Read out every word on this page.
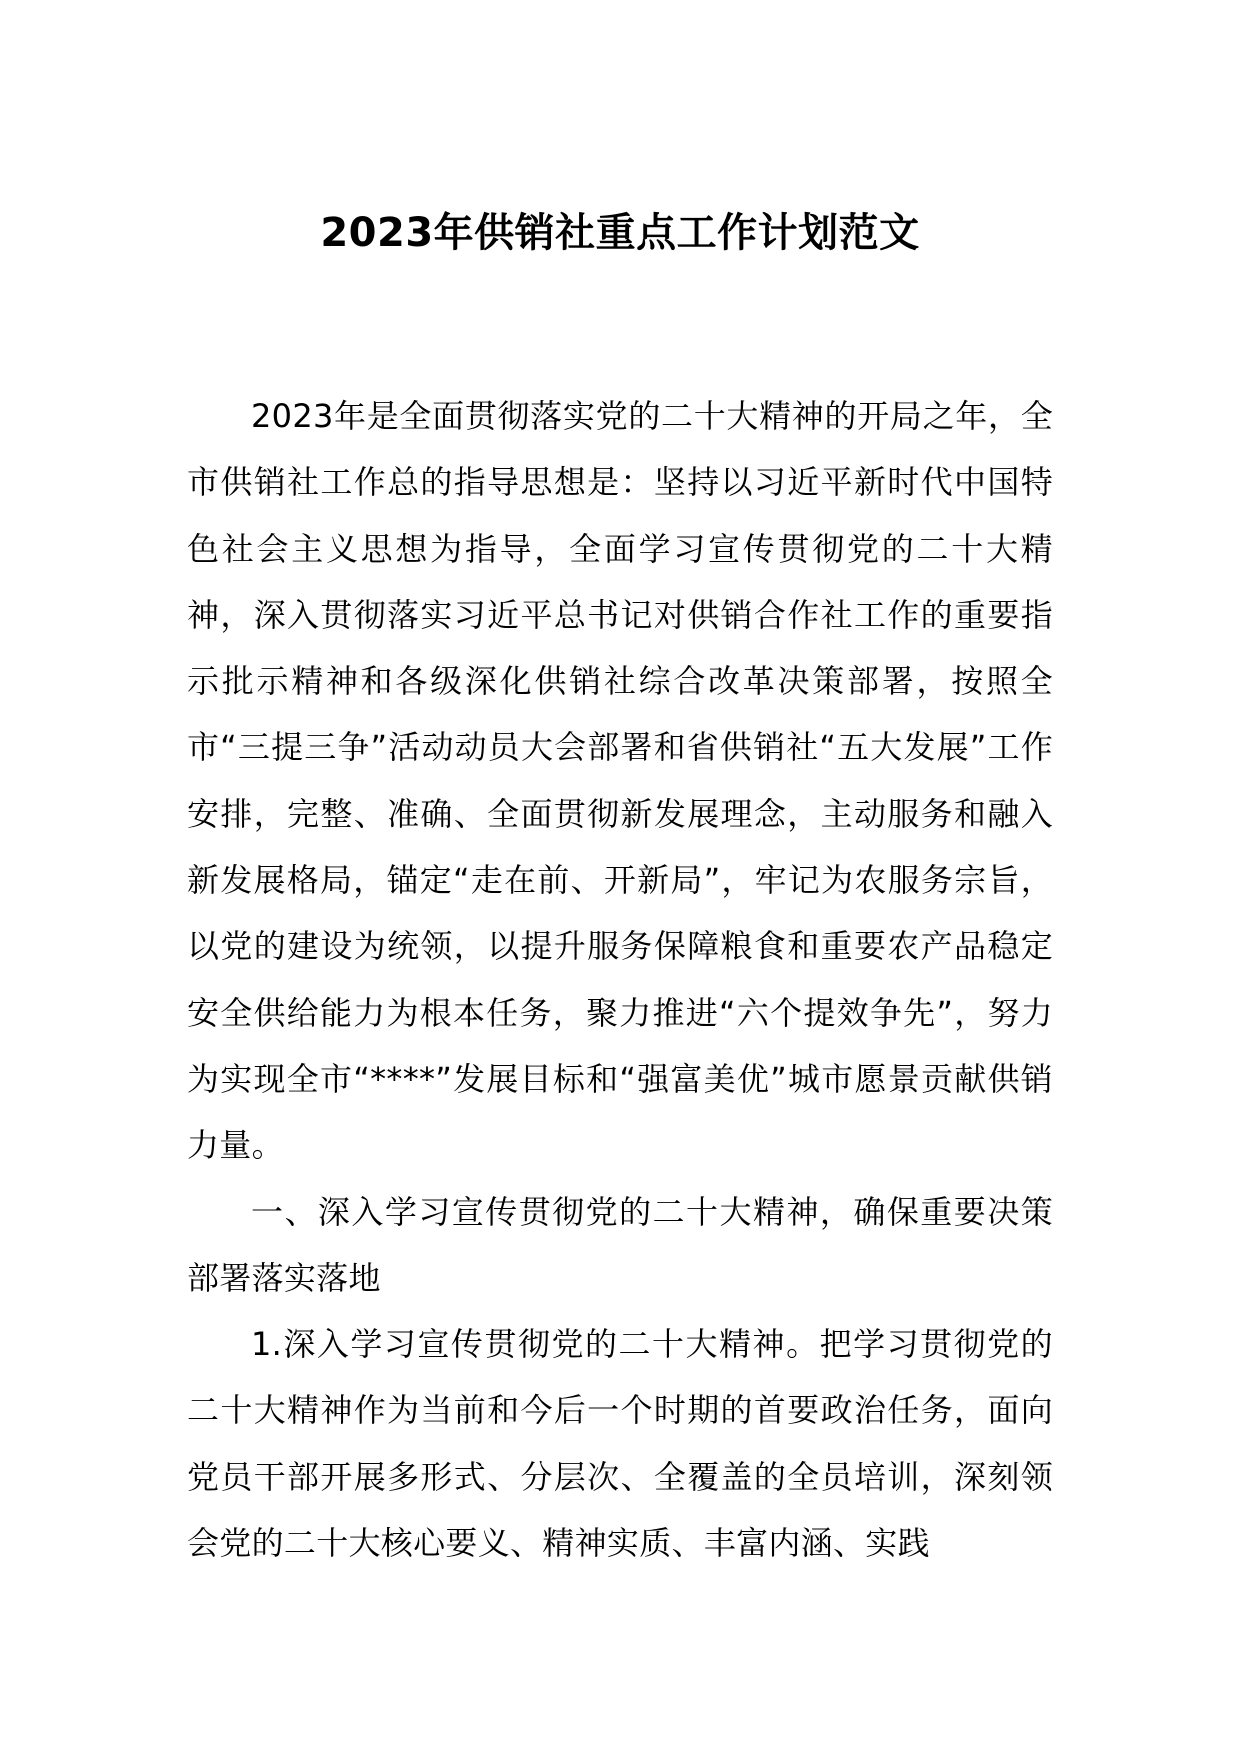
2023年供销社重点工作计划范文

2023年是全面贯彻落实党的二十大精神的开局之年，全市供销社工作总的指导思想是：坚持以习近平新时代中国特色社会主义思想为指导，全面学习宣传贯彻党的二十大精神，深入贯彻落实习近平总书记对供销合作社工作的重要指示批示精神和各级深化供销社综合改革决策部署，按照全市“三提三争”活动动员大会部署和省供销社“五大发展”工作安排，完整、准确、全面贯彻新发展理念，主动服务和融入新发展格局，锚定“走在前、开新局”，牢记为农服务宗旨，以党的建设为统领，以提升服务保障粮食和重要农产品稳定安全供给能力为根本任务，聚力推进“六个提效争先”，努力为实现全市“****”发展目标和“强富美优”城市愿景贡献供销力量。

一、深入学习宣传贯彻党的二十大精神，确保重要决策部署落实落地

1.深入学习宣传贯彻党的二十大精神。把学习贯彻党的二十大精神作为当前和今后一个时期的首要政治任务，面向党员干部开展多形式、分层次、全覆盖的全员培训，深刻领会党的二十大核心要义、精神实质、丰富内涵、实践
